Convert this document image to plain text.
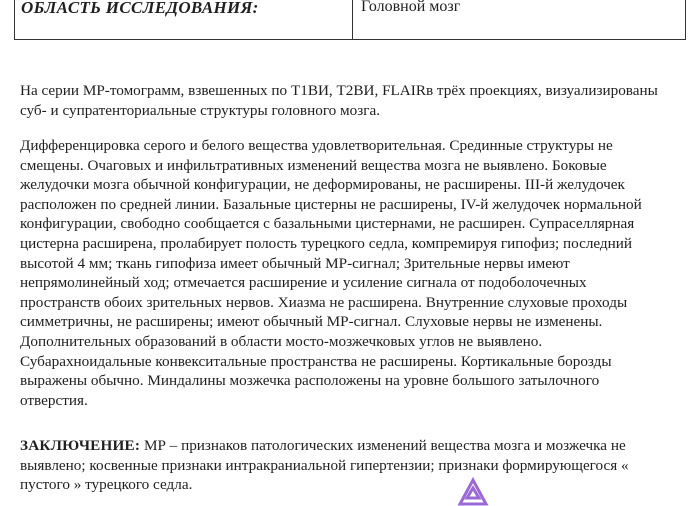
ОБЛАСТЬ ИССЛЕДОВАНИЯ:	Головной мозг

На серии МР-томограмм, взвешенных по Т1ВИ, Т2ВИ, FLAIRв трёх проекциях, визуализированы
суб- и супратенториальные структуры головного мозга.

Дифференцировка серого и белого вещества удовлетворительная. Срединные структуры не
смещены. Очаговых и инфильтративных изменений вещества мозга не выявлено. Боковые
желудочки мозга обычной конфигурации, не деформированы, не расширены. III-й желудочек
расположен по средней линии. Базальные цистерны не расширены, IV-й желудочек нормальной
конфигурации, свободно сообщается с базальными цистернами, не расширен. Супраселлярная
цистерна расширена, пролабирует полость турецкого седла, компремируя гипофиз; последний
высотой 4 мм; ткань гипофиза имеет обычный МР-сигнал; Зрительные нервы имеют
непрямолинейный ход; отмечается расширение и усиление сигнала от подоболочечных
пространств обоих зрительных нервов. Хиазма не расширена. Внутренние слуховые проходы
симметричны, не расширены; имеют обычный МР-сигнал. Слуховые нервы не изменены.
Дополнительных образований в области мосто-мозжечковых углов не выявлено.
Субарахноидальные конвекситальные пространства не расширены. Кортикальные борозды
выражены обычно. Миндалины мозжечка расположены на уровне большого затылочного
отверстия.

ЗАКЛЮЧЕНИЕ: МР – признаков патологических изменений вещества мозга и мозжечка не
выявлено; косвенные признаки интракраниальной гипертензии; признаки формирующегося «
пустого » турецкого седла.
